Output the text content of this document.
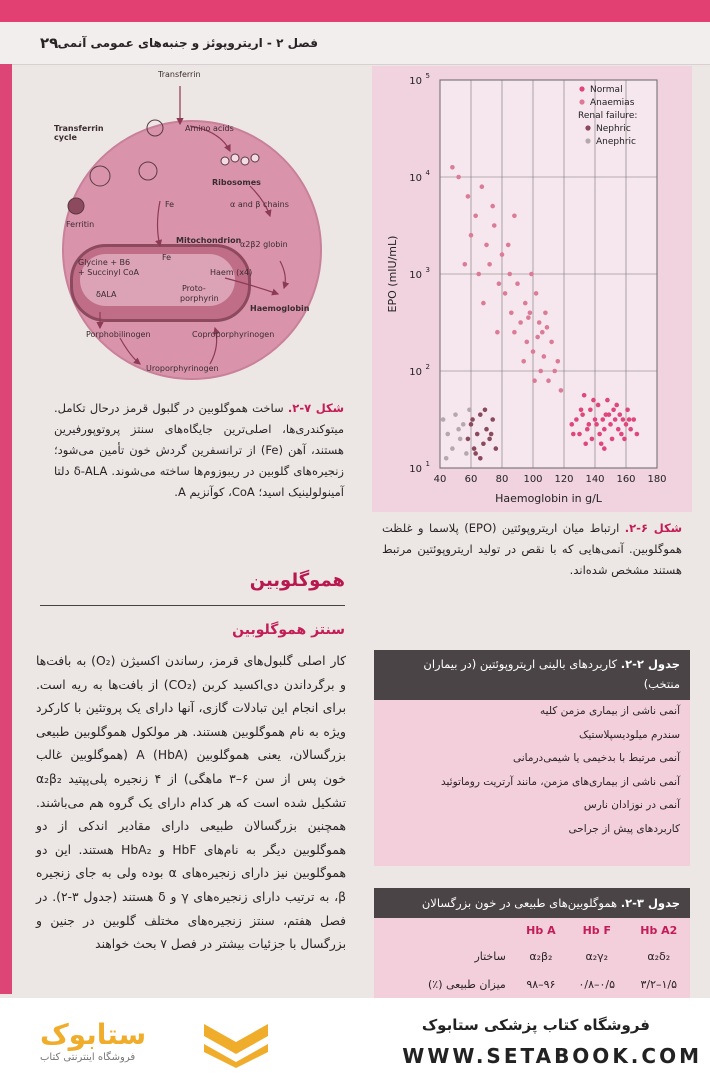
۲۹ فصل ۲ - اریتروپوئز و جنبه‌های عمومی آنمی
Transferrin
Transferrin cycle
Amino acids
Ribosomes
Fe
Ferritin
α and β chains
Mitochondrion
α2β2 globin
Glycine + B6
+ Succinyl CoA
Fe
Haem (x4)
δALA
Proto-
porphyrin
Haemoglobin
Porphobilinogen	Coproporphyrinogen
Uroporphyrinogen
شکل ۷-۲. ساخت هموگلوبین در گلبول قرمز درحال تکامل. میتوکندری‌ها، اصلی‌ترین جایگاه‌های سنتز پروتوپورفیرین هستند، آهن (Fe) از ترانسفرین گردش خون تأمین می‌شود؛ زنجیره‌های گلوبین در ریبوزوم‌ها ساخته می‌شوند. δ-ALA دلتا آمینولولینیک اسید؛ CoA، کوآنزیم A.
40 60 80 100 120 140 160 180
10 1
10 2
10 3
10 4
10 5
Haemoglobin in g/L
EPO (mIU/mL)
Normal
Anaemias
Renal failure:
Nephric
Anephric
شکل ۶-۲. ارتباط میان اریتروپوئتین (EPO) پلاسما و غلظت هموگلوبین. آنمی‌هایی که با نقص در تولید اریتروپوئتین مرتبط هستند مشخص شده‌اند.
هموگلوبین
سنتز هموگلوبین
کار اصلی گلبول‌های قرمز، رساندن اکسیژن (O₂) به بافت‌ها و برگرداندن دی‌اکسید کربن (CO₂) از بافت‌ها به ریه است. برای انجام این تبادلات گازی، آنها دارای یک پروتئین با کارکرد ویژه به نام هموگلوبین هستند. هر مولکول هموگلوبین طبیعی بزرگسالان، یعنی هموگلوبین A (HbA) (هموگلوبین غالب خون پس از سن ۶–۳ ماهگی) از ۴ زنجیره پلی‌پپتید α₂β₂ تشکیل شده است که هر کدام دارای یک گروه هم می‌باشند. همچنین بزرگسالان طبیعی دارای مقادیر اندکی از دو هموگلوبین دیگر به نام‌های HbF و HbA₂ هستند. این دو هموگلوبین نیز دارای زنجیره‌های α بوده ولی به جای زنجیره β، به ترتیب دارای زنجیره‌های γ و δ هستند (جدول ۳-۲). در فصل هفتم، سنتز زنجیره‌های مختلف گلوبین در جنین و بزرگسال با جزئیات بیشتر در فصل ۷ بحث خواهند
جدول ۲-۲. کاربردهای بالینی اریتروپوئتین (در بیماران منتخب)
آنمی ناشی از بیماری مزمن کلیه
سندرم میلودیسپلاستیک
آنمی مرتبط با بدخیمی یا شیمی‌درمانی
آنمی ناشی از بیماری‌های مزمن، مانند آرتریت روماتوئید
آنمی در نوزادان نارس
کاربردهای پیش از جراحی
جدول ۳-۲. هموگلوبین‌های طبیعی در خون بزرگسالان
	Hb A	Hb F	Hb A2
ساختار	α₂β₂	α₂γ₂	α₂δ₂
میزان طبیعی (٪)	۹۸–۹۶	۰/۸–۰/۵	۳/۲–۱/۵
ستابوک
فروشگاه اینترنتی کتاب
فروشگاه کتاب پزشکی ستابوک
WWW.SETABOOK.COM
